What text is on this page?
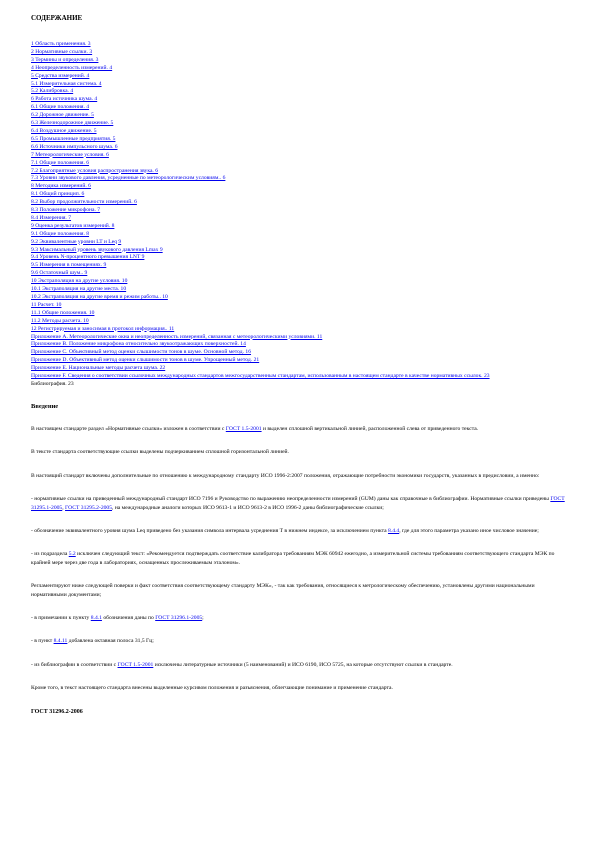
СОДЕРЖАНИЕ
1 Область применения. 3
2 Нормативные ссылки. 3
3 Термины и определения. 3
4 Неопределенность измерений. 4
5 Средства измерений. 4
5.1 Измерительная система. 4
5.2 Калибровка. 4
6 Работа источника шума. 4
6.1 Общие положения. 4
6.2 Дорожное движение. 5
6.3 Железнодорожное движение. 5
6.4 Воздушное движение. 5
6.5 Промышленные предприятия. 5
6.6 Источники импульсного шума. 6
7 Метеорологические условия. 6
7.1 Общие положения. 6
7.2 Благоприятные условия распространения звука. 6
7.3 Уровни звукового давления, усредненные по метеорологическим условиям.. 6
8 Методика измерений. 6
8.1 Общий принцип. 6
8.2 Выбор продолжительности измерений. 6
8.3 Положение микрофона. 7
8.4 Измерения. 7
9 Оценка результатов измерений. 8
9.1 Общие положения. 8
9.2 Эквивалентные уровни LT и Leq 9
9.3 Максимальный уровень звукового давления Lmax 9
9.4 Уровень N-процентного превышения LNT 9
9.5 Измерения в помещениях. 9
9.6 Остаточный шум.. 9
10 Экстраполяция на другие условия. 10
10.1 Экстраполяция на другие места. 10
10.2 Экстраполяция на другие время и режим работы.. 10
11 Расчет. 10
11.1 Общие положения. 10
11.2 Методы расчета. 10
12 Регистрируемая и заносимая в протокол информация.. 11
Приложение А. Метеорологические окна и неопределенность измерений, связанная с метеорологическими условиями. 11
Приложение В. Положение микрофона относительно звукоотражающих поверхностей. 14
Приложение С. Объективный метод оценки слышимости тонов в шуме. Основной метод. 16
Приложение D. Объективный метод оценки слышимости тонов в шуме. Упрощенный метод. 21
Приложение Е. Национальные методы расчета шума. 22
Приложение F. Сведения о соответствии ссылочных международных стандартов межгосударственным стандартам, использованным в настоящем стандарте в качестве нормативных ссылок. 23
Библиография. 23
Введение

В настоящем стандарте раздел «Нормативные ссылки» изложен в соответствии с ГОСТ 1.5-2001 и выделен сплошной вертикальной линией, расположенной слева от приведенного текста.

В тексте стандарта соответствующие ссылки выделены подчеркиванием сплошной горизонтальной линией.

В настоящий стандарт включены дополнительные по отношению к международному стандарту ИСО 1996-2:2007 положения, отражающие потребности экономики государств, указанных в предисловии, а именно:

- нормативные ссылки на приведенный международный стандарт ИСО 7196 и Руководство по выражению неопределенности измерений (GUM) даны как справочные в библиографии. Нормативные ссылки приведены ГОСТ 31295.1-2005, ГОСТ 31295.2-2005, на международные аналоги которых ИСО 9613-1 и ИСО 9613-2 в ИСО 1996-2 даны библиографические ссылки;

- обозначение эквивалентного уровня шума Leq приведено без указания символа интервала усреднения Т в нижнем индексе, за исключением пункта 8.4.4, где для этого параметра указано иное числовое значение;

- из подраздела 5.2 исключен следующий текст: «Рекомендуется подтверждать соответствие калибратора требованиям МЭК 60942 ежегодно, а измерительной системы требованиям соответствующего стандарта МЭК по крайней мере через две года в лабораториях, оснащенных прослеживаемым эталоном».

Регламентируют ниже следующей поверки и факт соответствия соответствующему стандарту МЭК», - так как требования, относящиеся к метрологическому обеспечению, установлены другими национальными нормативными документами;

- в примечании к пункту 8.4.1 обозначения даны по ГОСТ 31296.1-2005;

- в пункт 8.4.11 добавлена октавная полоса 31,5 Гц;

- из библиографии в соответствии с ГОСТ 1.5-2001 исключены литературные источники (5 наименований) и ИСО 6190, ИСО 5725, на которые отсутствуют ссылки в стандарте.

Кроме того, в текст настоящего стандарта внесены выделенные курсивом положения и разъяснения, облегчающие понимание и применение стандарта.

ГОСТ 31296.2-2006
